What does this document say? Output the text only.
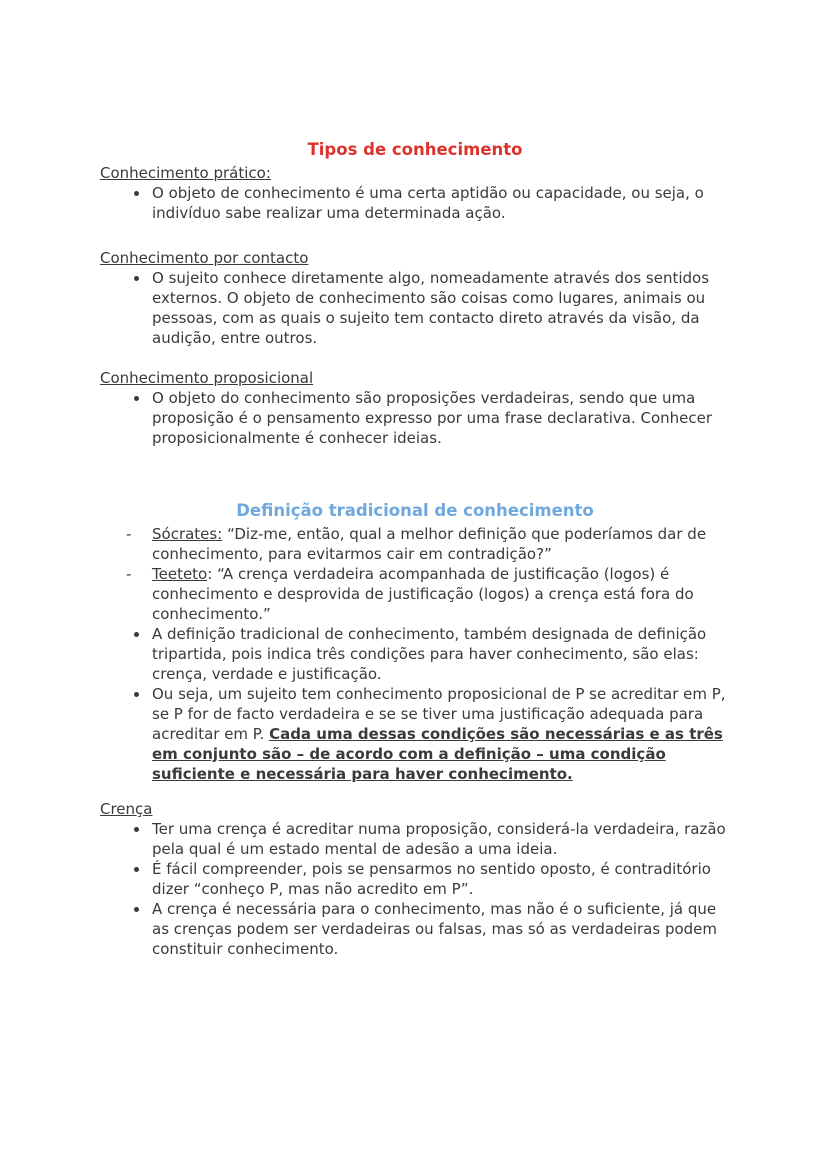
Tipos de conhecimento
Conhecimento prático:
• O objeto de conhecimento é uma certa aptidão ou capacidade, ou seja, o indivíduo sabe realizar uma determinada ação.
Conhecimento por contacto
• O sujeito conhece diretamente algo, nomeadamente através dos sentidos externos. O objeto de conhecimento são coisas como lugares, animais ou pessoas, com as quais o sujeito tem contacto direto através da visão, da audição, entre outros.
Conhecimento proposicional
• O objeto do conhecimento são proposições verdadeiras, sendo que uma proposição é o pensamento expresso por uma frase declarativa. Conhecer proposicionalmente é conhecer ideias.
Definição tradicional de conhecimento
- Sócrates: “Diz-me, então, qual a melhor definição que poderíamos dar de conhecimento, para evitarmos cair em contradição?”
- Teeteto: “A crença verdadeira acompanhada de justificação (logos) é conhecimento e desprovida de justificação (logos) a crença está fora do conhecimento.”
• A definição tradicional de conhecimento, também designada de definição tripartida, pois indica três condições para haver conhecimento, são elas: crença, verdade e justificação.
• Ou seja, um sujeito tem conhecimento proposicional de P se acreditar em P, se P for de facto verdadeira e se se tiver uma justificação adequada para acreditar em P. Cada uma dessas condições são necessárias e as três em conjunto são – de acordo com a definição – uma condição suficiente e necessária para haver conhecimento.
Crença
• Ter uma crença é acreditar numa proposição, considerá-la verdadeira, razão pela qual é um estado mental de adesão a uma ideia.
• É fácil compreender, pois se pensarmos no sentido oposto, é contraditório dizer “conheço P, mas não acredito em P”.
• A crença é necessária para o conhecimento, mas não é o suficiente, já que as crenças podem ser verdadeiras ou falsas, mas só as verdadeiras podem constituir conhecimento.
